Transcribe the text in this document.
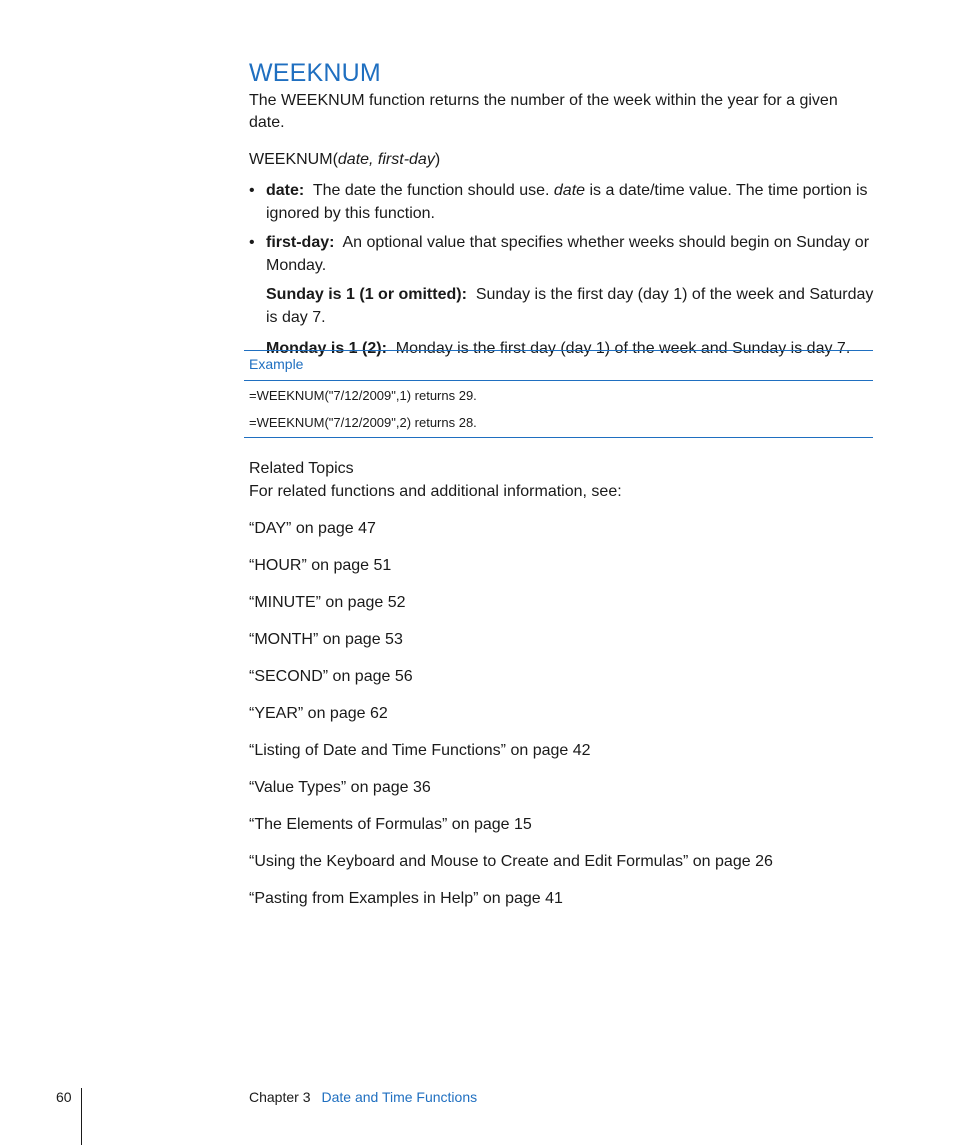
WEEKNUM

The WEEKNUM function returns the number of the week within the year for a given date.

WEEKNUM(date, first-day)

• date: The date the function should use. date is a date/time value. The time portion is ignored by this function.
• first-day: An optional value that specifies whether weeks should begin on Sunday or Monday.

Sunday is 1 (1 or omitted): Sunday is the first day (day 1) of the week and Saturday is day 7.

Monday is 1 (2): Monday is the first day (day 1) of the week and Sunday is day 7.

Example
=WEEKNUM("7/12/2009",1) returns 29.
=WEEKNUM("7/12/2009",2) returns 28.
Related Topics

For related functions and additional information, see:

“DAY” on page 47
“HOUR” on page 51
“MINUTE” on page 52
“MONTH” on page 53
“SECOND” on page 56
“YEAR” on page 62
“Listing of Date and Time Functions” on page 42
“Value Types” on page 36
“The Elements of Formulas” on page 15
“Using the Keyboard and Mouse to Create and Edit Formulas” on page 26
“Pasting from Examples in Help” on page 41
60	Chapter 3 Date and Time Functions
